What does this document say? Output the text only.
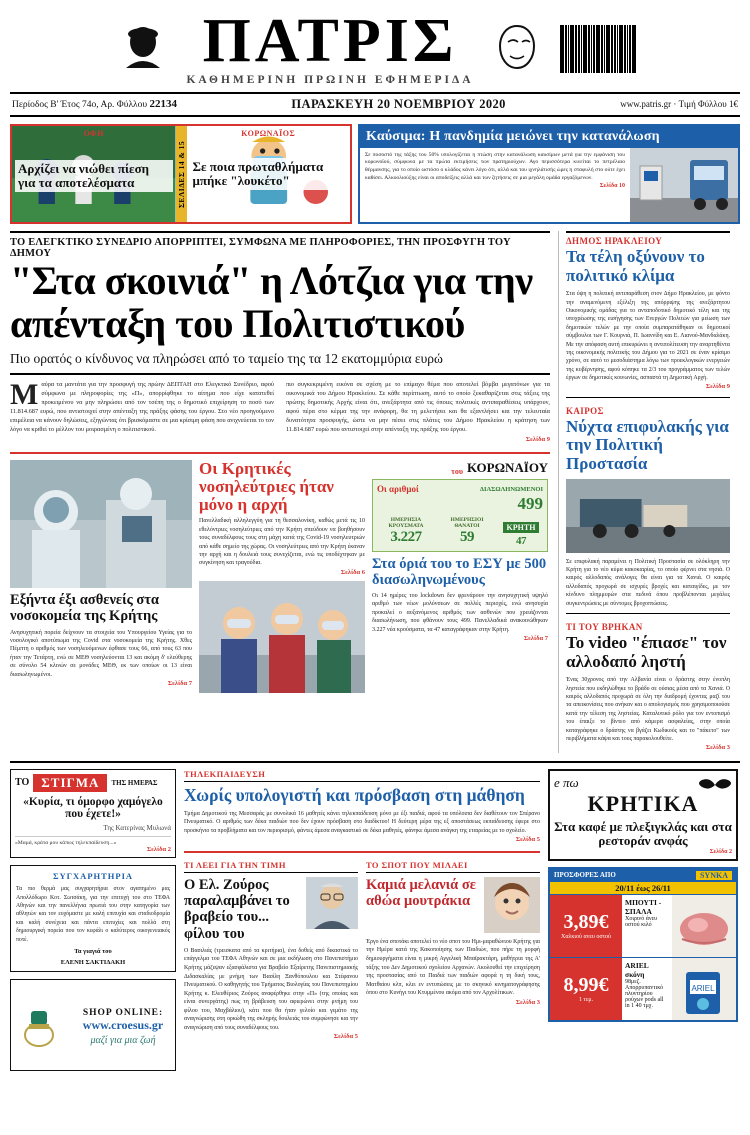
ΠΑΤΡΙΣ
ΚΑΘΗΜΕΡΙΝΗ ΠΡΩΙΝΗ ΕΦΗΜΕΡΙΔΑ
Περίοδος Β' Έτος 74ο, Αρ. Φύλλου 22134	ΠΑΡΑΣΚΕΥΗ 20 ΝΟΕΜΒΡΙΟΥ 2020	www.patris.gr · Τιμή Φύλλου 1€
ΟΦΗ
Αρχίζει να νιώθει πίεση για τα αποτελέσματα	ΣΕΛΙΔΕΣ 14 & 15
ΚΟΡΩΝΑΪΟΣ
Σε ποια πρωταθλήματα μπήκε "λουκέτο"
Καύσιμα: Η πανδημία μειώνει την κατανάλωση
Σε ποσοστό της τάξης του 50% υπολογίζεται η πτώση στην κατανάλωση καυσίμων μετά για την εμφάνιση του κορωνοϊού, σύμφωνα με τα πρώτα εκτιμήσεις των πρατηριούχων. Αγο περισσότερα κινείται το πετρέλαιο θέρμανσης, για το οποίο ωστόσο ο κλάδος κάνει λόγο ότι, αλλά και του ιχνηλάτισής ώρες η σταφυλή στο ούτε έχει καθίσει. Αλκοολιούξης είναι οι αποδείξεις αλλά και των ζητήσεις σε μια μεγάλη ομάδα εργαζόμενων.
Σελίδα 10
ΤΟ ΕΛΕΓΚΤΙΚΟ ΣΥΝΕΔΡΙΟ ΑΠΟΡΡΙΠΤΕΙ, ΣΥΜΦΩΝΑ ΜΕ ΠΛΗΡΟΦΟΡΙΕΣ, ΤΗΝ ΠΡΟΣΦΥΓΗ ΤΟΥ ΔΗΜΟΥ
"Στα σκοινιά" η Λότζια για την
απένταξη του Πολιτιστικού
Πιο ορατός ο κίνδυνος να πληρώσει από το ταμείο της τα 12 εκατομμύρια ευρώ
Μαύρα τα μαντάτα για την προσφυγή της πρώην ΔΕΠΤΑΗ στο Ελεγκτικό Συνέδριο, αφού σύμφωνα με πληροφορίες της «Π», απορρίφθηκε το αίτημα που είχε κατατεθεί προκειμένου να μην πληρώσει από τον τσέπη της ο δημοτικό επιχείρηση το ποσό των 11.814.687 ευρώ, που αντιστοιχεί στην απένταξη της πράξης φάσης του έργου. Στο νέο προηγούμενο επιμέλεια να κάνουν δηλώσεις, εξηγώντας ότι βρισκόμαστε σε μια κρίσιμη φάση που ανιχνεύεται το τον λόγο να κριθεί το μέλλον του μοιρασμένη ο πολιτιστικού.
πιο συγκεκριμένη εικόνα σε σχέση με το επίμαχο θέμα που αποτελεί βόμβα μεγατόνων για τα οικονομικά του Δήμου Ηρακλείου. Σε κάθε περίπτωση, αυτό το οποίο ξεκαθαρίζεται στις τάξεις της πρώτης δημοτικής Αρχής είναι ότι, ανεξάρτητα από τις όποιες πολιτικές αντιπαραθέσεις υπάρχουν, αφού πέρα στο κέρμα της την ανάφορη, θα τη μελετήσει και θα εξαντλήσει και την τελευταία δυνατότητα προσφυγής, ώστε να μην πέσει στις πλάτες του Δήμου Ηρακλείου η κράτηση των 11.814.687 ευρώ που αντιστοιχεί στην απένταξη της πράξης του έργου.
Σελίδα 9
Εξήντα έξι ασθενείς στα νοσοκομεία της Κρήτης
Ανησυχητική πορεία δείχνουν τα στοιχεία του Υπουργείου Υγείας για το νοσολογικό αποτύπωμα της Covid στα νοσοκομεία της Κρήτης. Χθες Πέμπτη ο αριθμός των νοσηλευόμενων έφθασε τους 66, από τους 63 που ήταν την Τετάρτη, ενώ σε ΜΕΘ νοσηλεύονται 13 και ακόμη δ' ελεύθερης σε σύνολο 54 κλινών σε μονάδες MEΘ, εκ των οποίων οι 13 είναι διασωληνωμένοι.
Σελίδα 7
Οι Κρητικές νοσηλεύτριες ήταν μόνο η αρχή
Πανελλαδική αλληλεγγύη για τη θεσσαλονίκη, καθώς μετά τις 10 εθελόντριες νοσηλεύτριες από την Κρήτη σπεύδουν να βοηθήσουν τους συναδέλφους τους στη μάχη κατά της Covid-19 νοσηλευτριών από κάθε σημείο της χώρας. Οι νοσηλεύτριες από την Κρήτη έκαναν την αρχή και η δουλειά τους συνεχίζεται, ενώ τις υποδέχτηκαν με συγκίνηση και τραγούδια.
Σελίδα 6
του ΚΟΡΩΝΑΪΟΥ
Οι αριθμοί	ΔΙΑΣΩΛΗΝΩΜΕΝΟΙ
499
ΗΜΕΡΗΣΙΑ ΚΡΟΥΣΜΑΤΑ
3.227
ΗΜΕΡΗΣΙΟΙ ΘΑΝΑΤΟΙ
59
ΚΡΗΤΗ
47
Στα όριά του το ΕΣΥ με 500 διασωληνωμένους
Οι 14 ημέρες του lockdown δεν φρενάρουν την ανησυχητική υψηλό αριθμό των νέων μολύνσεων σε πολλές περιοχές, ενώ ανησυχία προκαλεί ο αυξανόμενος αριθμός των ασθενών που χρειάζονται διασωλήνωση, που φθάνουν τους 499. Πανελλαδικά ανακοινώθηκαν 3.227 νέα κρούσματα, τα 47 καταγράφηκαν στην Κρήτη.
Σελίδα 7
ΔΗΜΟΣ ΗΡΑΚΛΕΙΟΥ
Τα τέλη οξύνουν το πολιτικό κλίμα
Στα ύψη η πολιτική αντιπαράθεση στον Δήμο Ηρακλείου, με φόντο την αναμενόμενη εξέλιξη της απόρριψης της ανεξάρτητου Οικονομικής ομάδας για το ανταποδοτικό δημοτικό τέλη και της υποχρέωσης της εισήγησης των Ενεργών Πολιτών για μείωση των δημοτικών τελών με την οποία συμπαρατάθηκαν οι δημοτικοί σύμβουλοι των Γ. Κουρνιά, Π. Ιωαννίδη και Ε. Λιανού-Μανδαλάκη. Με την απόφαση αυτή επικυρώνει η αντιπολίτευση την αναρτηθέντα της οικονομικής πολιτικής του Δήμου για το 2021 σε έναν κρίσιμο χρόνο, σε αυτό το μεσοδιάστημα λόγω των προεκλογικών ενεργειών της κυβέρνησης, αφού κόπηκε τα 2/3 του προγράμματος των τελών έργων σε δημοτικές κοινωνίες, ασπαστά τη Δημοτική Αρχή.
Σελίδα 9
ΚΑΙΡΟΣ
Νύχτα επιφυλακής για την Πολιτική Προστασία
Σε επιφυλακή παραμένει η Πολιτική Προστασία σε ολόκληρη την Κρήτη για το νέο κύμα κακοκαιρίας, το οποίο φέρνει στα νησιά. Ο καιρός αλλοδαπός ανάλογες θα είναι για τα Χανιά. Ο καιρός αλλοδαπός προχωρά σε ισχυρές βροχές και καταιγίδες, με τον κίνδυνο πλημμυρών στα πεδινά όπου προβλέπονται μεγάλες συγκεντρώσεις με σύντομες βροχοπτώσεις.
ΤΙ ΤΟΥ ΒΡΗΚΑΝ
Το video "έπιασε" τον αλλοδαπό ληστή
Ένας 30χρονος από την Αλβανία είναι ο δράστης στην ένοπλη ληστεία που εκδηλώθηκε το βράδυ σε ούσιας μέσα από τα Χανιά. Ο καιρός αλλοδαπός προχωρά σε όλη την διαδρομή έχοντας μαζί του τα απεικονίσεις που ανήκαν και ο απολογισμός που χρησιμοποιούσε κατά την τέλεση της ληστείας. Καταλυτικό ρόλο για τον εντοπισμό του έπαιξε το βίντεο από κάμερα ασφαλείας, στην οποία καταγράφηκε ο δράστης να βγάζει Κωδικούς και το "πάκετο" των περιβλήματα κάψα και τους παρακολουθείτε.
Σελίδα 3
ΤΟ ΣΤΙΓΜΑ	ΤΗΣ ΗΜΕΡΑΣ
«Κυρία, τι όμορφο χαμόγελο που έχετε!»
Της Κατερίνας Μυλωνά
«Μαμά, κράτα μου κάπως τηλεκπαίδευση...»
Σελίδα 2
ΣΥΓΧΑΡΗΤΗΡΙΑ
Τα πιο θερμά μας συγχαρητήρια στον αγαπημένο μας Απολλόδωρο Κοτ. Σωτσάκη, για την επιτυχή του στο ΤΕΦΑ Αθηνών και την πανελλήνια πρωτιά του στην κατηγορία των αθλητών και τον ευχόμαστε με καλή επιτυχία και σταδιοδρομία και καλή συνέχεια και πάντα επιτυχίες και πολλά στη δημιουργική πορεία που τον κεφάλι ο καλύτερος οικογενειακός ποτέ.
Τα γιαγιά του
ΕΛΕΝΗ ΣΑΚΤΙΔΑΚΗ
SHOP ONLINE:
www.croesus.gr
μαζί για μια ζωή
ΤΗΛΕΚΠΑΙΔΕΥΣΗ
Χωρίς υπολογιστή και πρόσβαση στη μάθηση
Τμήμα Δημοτικού της Μεσσαράς με συνολικά 16 μαθητές κάνει τηλεκπαίδευση μόνο με έξι παιδιά, αφού τα υπόλοιπα δεν διαθέτουν τον Σπέρανο Πνευματικό. Ο αριθμός των δέκα παιδιών που δεν έχουν πρόσβαση στο διαδίκτυο! Η δεύτερη μέρα της εξ αποστάσεως εκπαίδευσης έφερε στο προσκήνιο τα προβλήματα και τον περιορισμό, φάντες άμεσα αναγκαστικό σε δέκα μαθητές, φάνηκε άμεσα ανάγκη της εταιρείας με το σχολείο.
Σελίδα 5
ΤΙ ΛΕΕΙ ΓΙΑ ΤΗΝ ΤΙΜΗ
Ο Ελ. Ζούρος παραλαμβάνει το βραβείο του... φίλου του
Ο Βασιλιάς (τρεισκατα από τα κριτήρια), ένα δοθείς από δικαστικά το επάγγελμα του ΤΕΦΑ Αθηνών και σε μια εκδήλωση στο Πανεπιστήμιο Κρήτης μάζεψαν εξασφάλιστα για Βραβείο Εξαίρετης Πανεπιστημιακής Διδασκαλίας με μνήμη των Βασίλη Ξανθόπουλου και Στέφανου Πνευματικού. Ο καθηγητής του Τμήματος Βιολογίας του Πανεπιστημίου Κρήτης κ. Ελευθέριος Ζούρος αναφέρθηκε στην «Π» (της οποίας και είναι συνεργάτης) πως τη βράβευση του αφιερώνει στην μνήμη του φίλου του, Μαχβάλιου), κάτι που θα ήταν γελοίο και γεμάτο της αναγνώρισης στη ορκώθη της σκληρής δουλειάς του συμφώνησε και την αναγνώριση από τους συναδέλφους του.
Σελίδα 5
ΤΟ ΣΠΟΤ ΠΟΥ ΜΙΛΑΕΙ
Καμιά μελανιά σε αθώα μουτράκια
Έργο ένα σποτάκι αποτελεί το νέο σποτ του Ημι-μαραθώνιου Κρήτης για την Ημέρα κατά της Κακοποίησης των Παιδιών, που πήρε τη μορφή δημιουργήματα είναι η μικρή Αγγελική Μπαϊρακτάρη, μαθήτρια της Α' τάξης του Δεν Δημοτικού σχολείου Αρχανών. Ακολουθεί την επιχείρηση της προστασίας από τα Παιδιά των παιδιών αφορά η τη δική τους, Ματθαίου κλπ, κλει εν εντυπώσεις με το σκηνικό κινηματογράφησης όπου στο Κυνήγι του Κτυμμένου ακόμα από τον Αρχολίτικων.
Σελίδα 3
e πω
ΚΡΗΤΙΚΑ
Στα καφέ με πλεξιγκλάς και στα ρεστοράν ανφάς
Σελίδα 2
ΠΡΟΣΦΟΡΕΣ ΑΠΟ	SYNKA
20/11 έως 26/11
3,89€
Χαλκιού ανευ οστού
ΜΠΟΥΤΙ - ΣΠΑΛΑ
Χοιρινό άνευ οστού κιλό
8,99€
1 τεμ.
ARIEL σκόνη
98μεζ. Απορρυπαντικό πλυντηρίου ρούχων pods all in 1 40 τμχ.
ARIEL
